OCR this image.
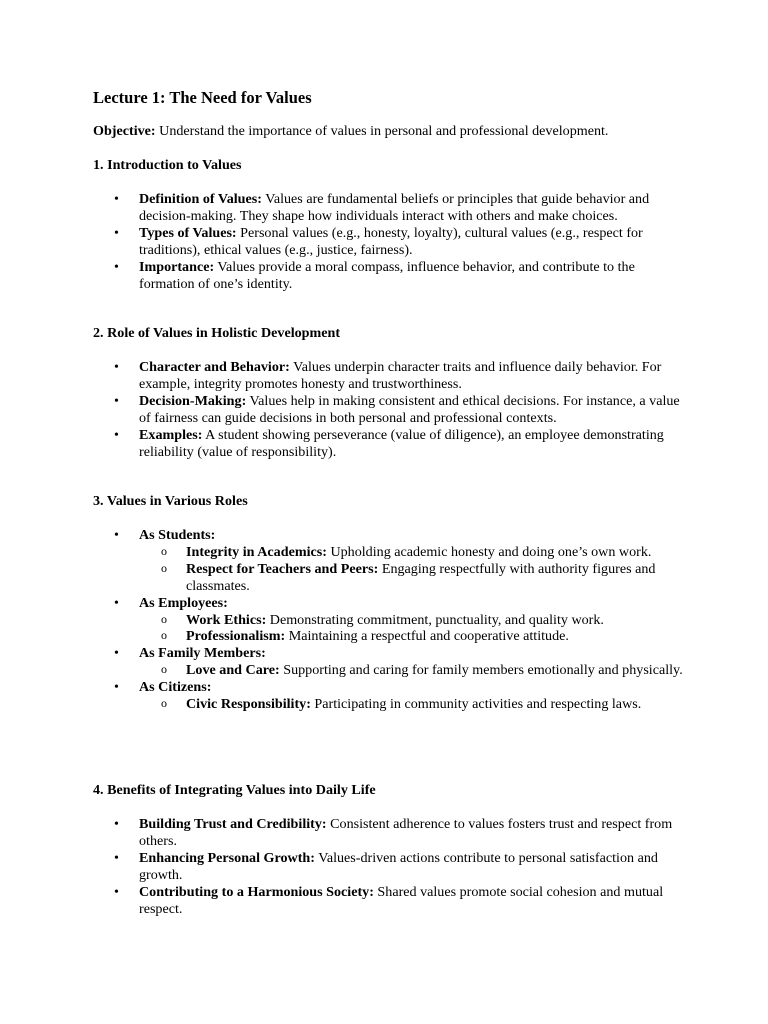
Lecture 1: The Need for Values

Objective: Understand the importance of values in personal and professional development.

1. Introduction to Values
• Definition of Values: Values are fundamental beliefs or principles that guide behavior and decision-making. They shape how individuals interact with others and make choices.
• Types of Values: Personal values (e.g., honesty, loyalty), cultural values (e.g., respect for traditions), ethical values (e.g., justice, fairness).
• Importance: Values provide a moral compass, influence behavior, and contribute to the formation of one’s identity.
2. Role of Values in Holistic Development
• Character and Behavior: Values underpin character traits and influence daily behavior. For example, integrity promotes honesty and trustworthiness.
• Decision-Making: Values help in making consistent and ethical decisions. For instance, a value of fairness can guide decisions in both personal and professional contexts.
• Examples: A student showing perseverance (value of diligence), an employee demonstrating reliability (value of responsibility).
3. Values in Various Roles
• As Students:
o Integrity in Academics: Upholding academic honesty and doing one’s own work.
o Respect for Teachers and Peers: Engaging respectfully with authority figures and classmates.
• As Employees:
o Work Ethics: Demonstrating commitment, punctuality, and quality work.
o Professionalism: Maintaining a respectful and cooperative attitude.
• As Family Members:
o Love and Care: Supporting and caring for family members emotionally and physically.
• As Citizens:
o Civic Responsibility: Participating in community activities and respecting laws.
4. Benefits of Integrating Values into Daily Life
• Building Trust and Credibility: Consistent adherence to values fosters trust and respect from others.
• Enhancing Personal Growth: Values-driven actions contribute to personal satisfaction and growth.
• Contributing to a Harmonious Society: Shared values promote social cohesion and mutual respect.
